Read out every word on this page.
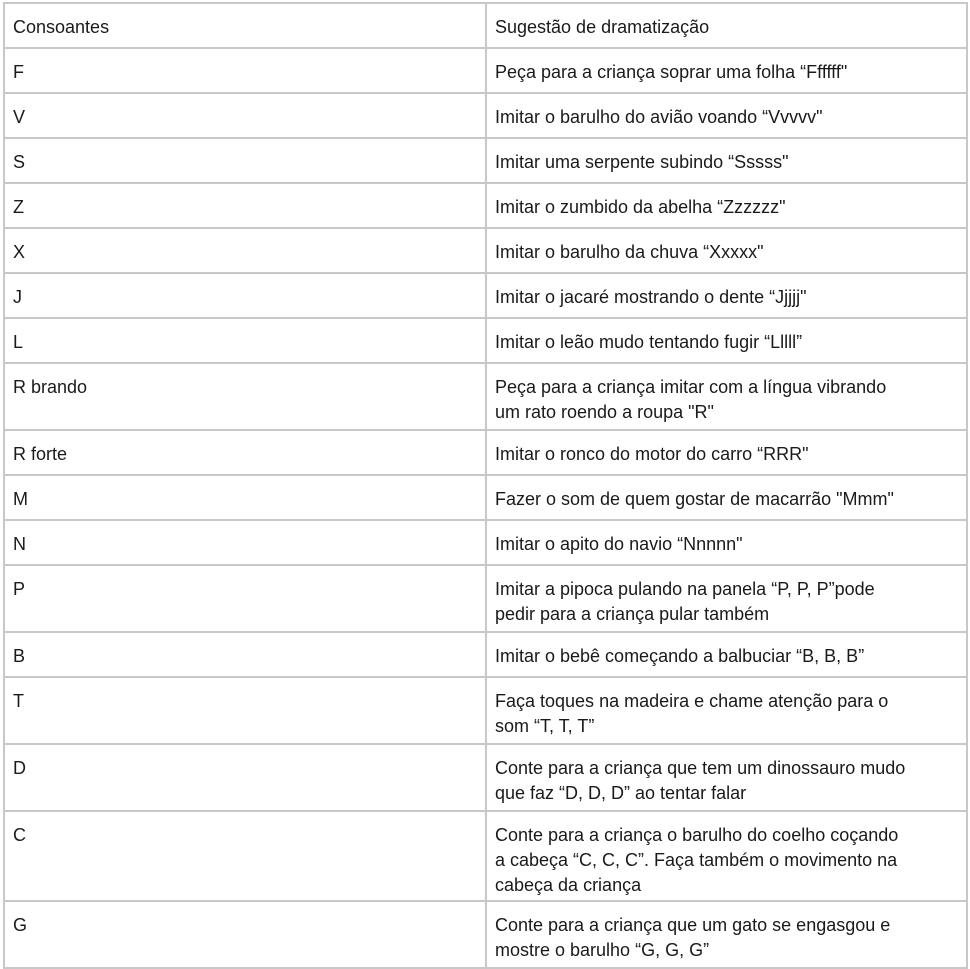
Consoantes	Sugestão de dramatização
F	Peça para a criança soprar uma folha “Ffffff"
V	Imitar o barulho do avião voando “Vvvvv"
S	Imitar uma serpente subindo “Sssss"
Z	Imitar o zumbido da abelha “Zzzzzz"
X	Imitar o barulho da chuva “Xxxxx"
J	Imitar o jacaré mostrando o dente “Jjjjj"
L	Imitar o leão mudo tentando fugir “Lllll”
R brando	Peça para a criança imitar com a língua vibrando
um rato roendo a roupa "R"
R forte	Imitar o ronco do motor do carro “RRR"
M	Fazer o som de quem gostar de macarrão "Mmm"
N	Imitar o apito do navio “Nnnnn"
P	Imitar a pipoca pulando na panela “P, P, P”pode
pedir para a criança pular também
B	Imitar o bebê começando a balbuciar “B, B, B”
T	Faça toques na madeira e chame atenção para o
som “T, T, T”
D	Conte para a criança que tem um dinossauro mudo
que faz “D, D, D” ao tentar falar
C	Conte para a criança o barulho do coelho coçando
a cabeça “C, C, C”. Faça também o movimento na
cabeça da criança
G	Conte para a criança que um gato se engasgou e
mostre o barulho “G, G, G”
